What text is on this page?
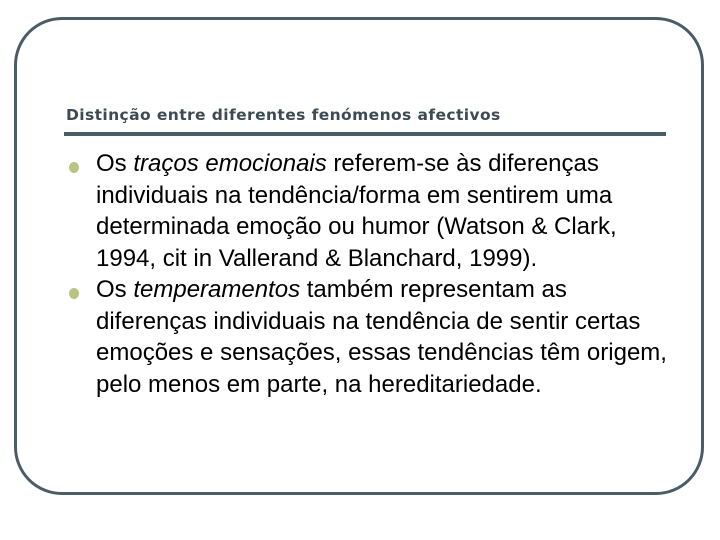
Distinção entre diferentes fenómenos afectivos
Os traços emocionais referem-se às diferenças individuais na tendência/forma em sentirem uma determinada emoção ou humor (Watson & Clark, 1994, cit in Vallerand & Blanchard, 1999).
Os temperamentos também representam as diferenças individuais na tendência de sentir certas emoções e sensações, essas tendências têm origem, pelo menos em parte, na hereditariedade.
